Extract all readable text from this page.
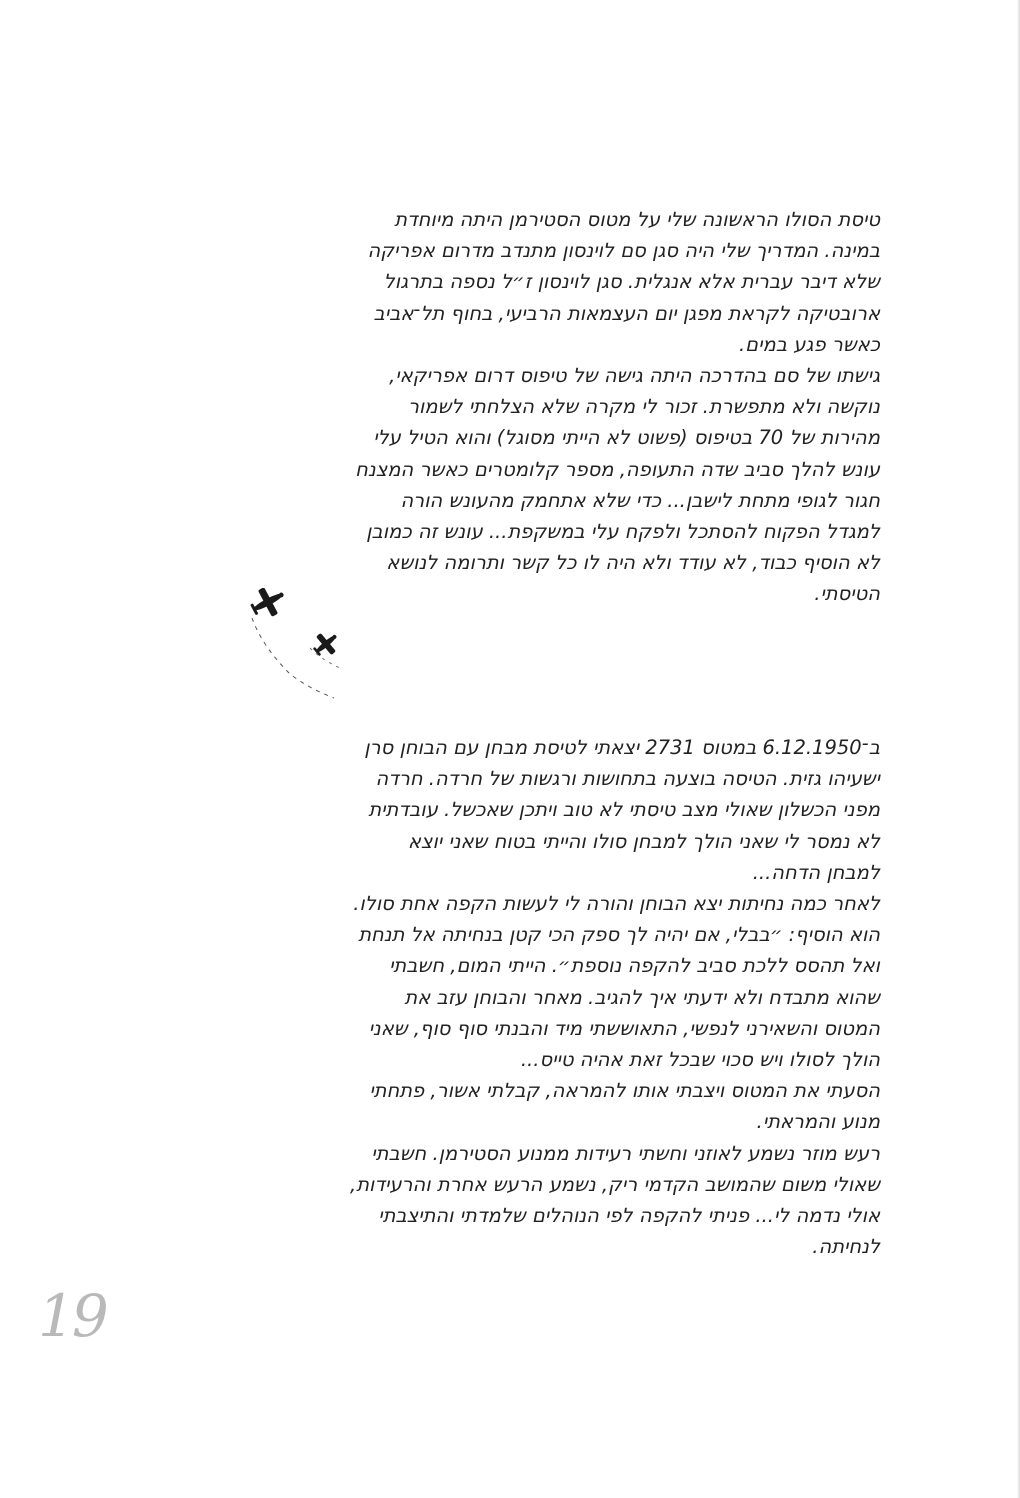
טיסת הסולו הראשונה שלי על מטוס הסטירמן היתה מיוחדת
במינה. המדריך שלי היה סגן סם לוינסון מתנדב מדרום אפריקה
שלא דיבר עברית אלא אנגלית. סגן לוינסון ז״ל נספה בתרגול
ארובטיקה לקראת מפגן יום העצמאות הרביעי, בחוף תל־אביב
כאשר פגע במים.

גישתו של סם בהדרכה היתה גישה של טיפוס דרום אפריקאי,
נוקשה ולא מתפשרת. זכור לי מקרה שלא הצלחתי לשמור
מהירות של 70 בטיפוס (פשוט לא הייתי מסוגל) והוא הטיל עלי
עונש להלך סביב שדה התעופה, מספר קלומטרים כאשר המצנח
חגור לגופי מתחת לישבן... כדי שלא אתחמק מהעונש הורה
למגדל הפקוח להסתכל ולפקח עלי במשקפת... עונש זה כמובן
לא הוסיף כבוד, לא עודד ולא היה לו כל קשר ותרומה לנושא
הטיסתי.

ב־6.12.1950 במטוס 2731 יצאתי לטיסת מבחן עם הבוחן סרן
ישעיהו גזית. הטיסה בוצעה בתחושות ורגשות של חרדה. חרדה
מפני הכשלון שאולי מצב טיסתי לא טוב ויתכן שאכשל. עובדתית
לא נמסר לי שאני הולך למבחן סולו והייתי בטוח שאני יוצא
למבחן הדחה...

לאחר כמה נחיתות יצא הבוחן והורה לי לעשות הקפה אחת סולו.
הוא הוסיף: ״בבלי, אם יהיה לך ספק הכי קטן בנחיתה אל תנחת
ואל תהסס ללכת סביב להקפה נוספת״. הייתי המום, חשבתי
שהוא מתבדח ולא ידעתי איך להגיב. מאחר והבוחן עזב את
המטוס והשאירני לנפשי, התאוששתי מיד והבנתי סוף סוף, שאני
הולך לסולו ויש סכוי שבכל זאת אהיה טייס...

הסעתי את המטוס ויצבתי אותו להמראה, קבלתי אשור, פתחתי
מנוע והמראתי.

רעש מוזר נשמע לאוזני וחשתי רעידות ממנוע הסטירמן. חשבתי
שאולי משום שהמושב הקדמי ריק, נשמע הרעש אחרת והרעידות,
אולי נדמה לי... פניתי להקפה לפי הנוהלים שלמדתי והתיצבתי
לנחיתה.

19
